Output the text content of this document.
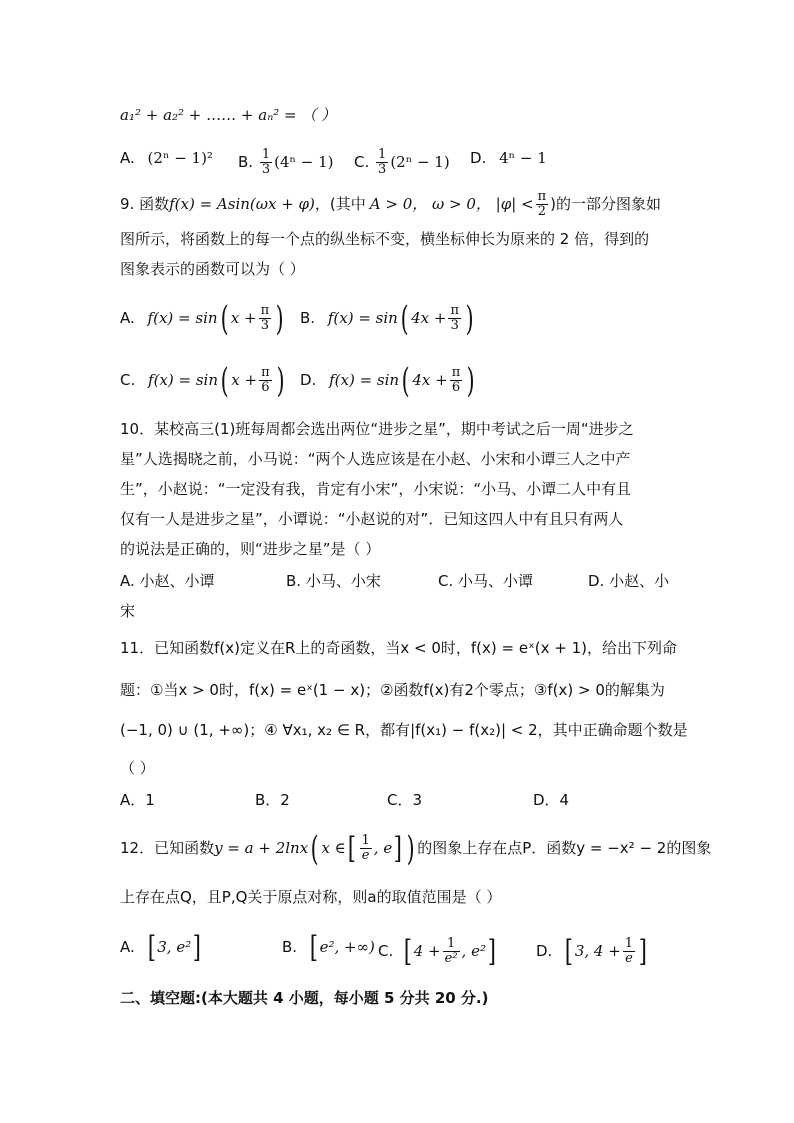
a₁² + a₂² + …… + aₙ² = （ ）
A. (2ⁿ − 1)² B. $\frac{1}{3} (4^n - 1)$ C. $\frac{1}{3} (2^n - 1)$ D. 4ⁿ − 1
9. 函数f(x) = Asin(ωx + φ)，(其中 A > 0， ω > 0， $|\varphi| < \frac{\pi}{2}$ )的一部分图象如
图所示，将函数上的每一个点的纵坐标不变，横坐标伸长为原来的 2 倍，得到的
图象表示的函数可以为（ ）
A. f(x) = sin( $x + \frac{\pi}{3}$ ) B. f(x) = sin( $4x + \frac{\pi}{3}$ )
C. f(x) = sin( $x + \frac{\pi}{6}$ ) D. f(x) = sin( $4x + \frac{\pi}{6}$ )
10．某校高三(1)班每周都会选出两位“进步之星”，期中考试之后一周“进步之
星”人选揭晓之前，小马说：“两个人选应该是在小赵、小宋和小谭三人之中产
生”，小赵说：“一定没有我，肯定有小宋”，小宋说：“小马、小谭二人中有且
仅有一人是进步之星”，小谭说：“小赵说的对”．已知这四人中有且只有两人
的说法是正确的，则“进步之星”是（ ）
A. 小赵、小谭	B. 小马、小宋	C. 小马、小谭	D. 小赵、小
宋
11．已知函数f(x)定义在R上的奇函数，当x < 0时，f(x) = eˣ(x + 1)，给出下列命
题：①当x > 0时，f(x) = eˣ(1 − x)；②函数f(x)有2个零点；③f(x) > 0的解集为
(−1, 0) ∪ (1, +∞)；④ ∀x₁, x₂ ∈ R，都有|f(x₁) − f(x₂)| < 2，其中正确命题个数是
（ ）
A．1	B．2	C．3	D．4
12．已知函数y = a + 2lnx( x ∈[ $\frac{1}{e}$ , e] ) 的图象上存在点P．函数y = −x² − 2的图象
上存在点Q，且P,Q关于原点对称，则a的取值范围是（ ）
A. [ 3, e²]	B. [ e², +∞) C. [ $4 + \frac{1}{\text{e²}}$ , e²]	D. [ 3, $4 + \frac{1}{e}$ ]
二、填空题:(本大题共 4 小题，每小题 5 分共 20 分.)
